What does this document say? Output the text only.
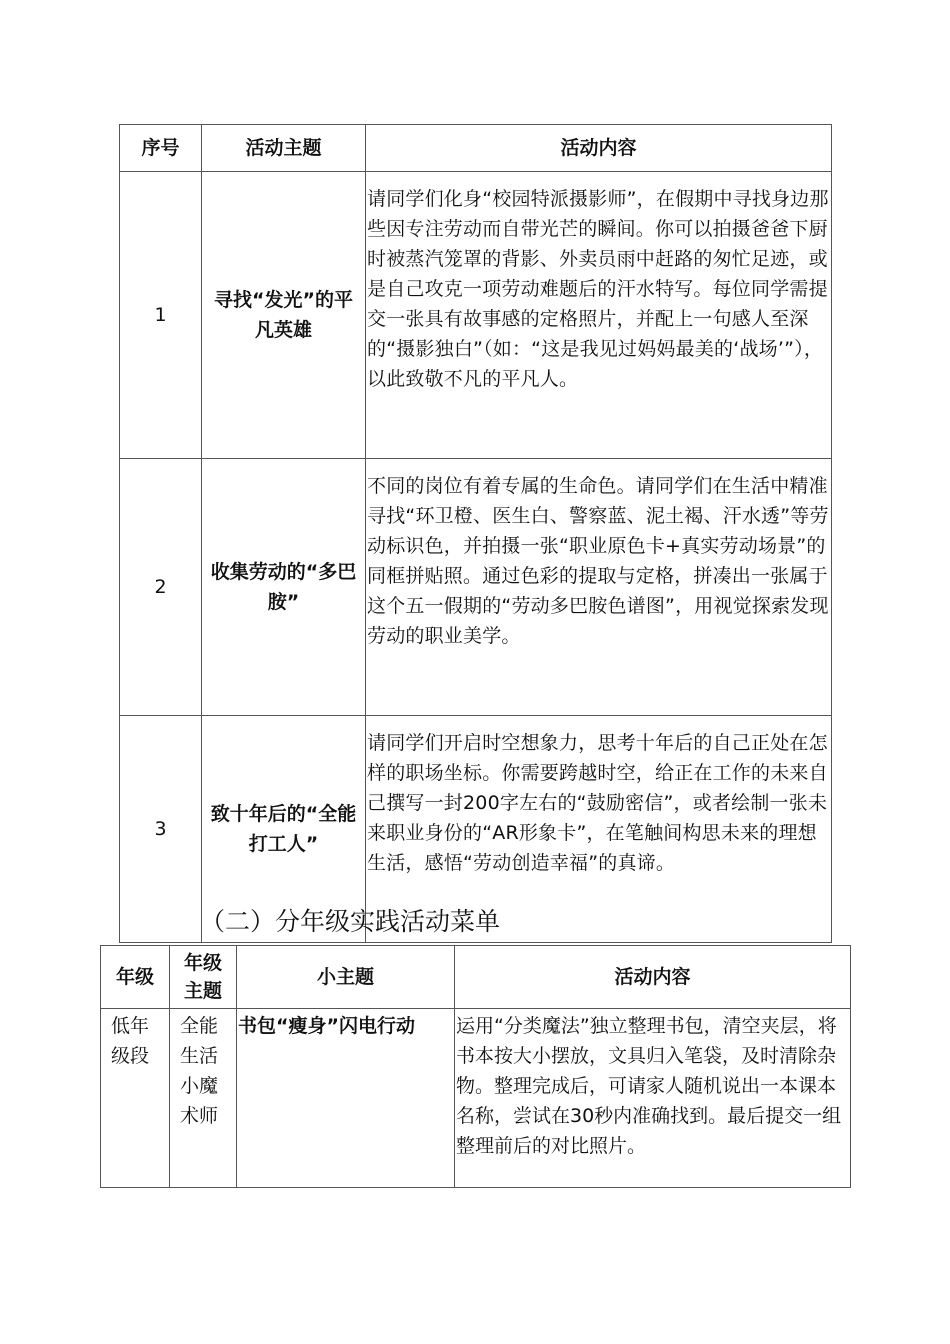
序号	活动主题	活动内容
1	寻找“发光”的平凡英雄	请同学们化身“校园特派摄影师”，在假期中寻找身边那些因专注劳动而自带光芒的瞬间。你可以拍摄爸爸下厨时被蒸汽笼罩的背影、外卖员雨中赶路的匆忙足迹，或是自己攻克一项劳动难题后的汗水特写。每位同学需提交一张具有故事感的定格照片，并配上一句感人至深的“摄影独白”（如：“这是我见过妈妈最美的‘战场’”），以此致敬不凡的平凡人。
2	收集劳动的“多巴胺”	不同的岗位有着专属的生命色。请同学们在生活中精准寻找“环卫橙、医生白、警察蓝、泥土褐、汗水透”等劳动标识色，并拍摄一张“职业原色卡+真实劳动场景”的同框拼贴照。通过色彩的提取与定格，拼凑出一张属于这个五一假期的“劳动多巴胺色谱图”，用视觉探索发现劳动的职业美学。
3	致十年后的“全能打工人”	请同学们开启时空想象力，思考十年后的自己正处在怎样的职场坐标。你需要跨越时空，给正在工作的未来自己撰写一封200字左右的“鼓励密信”，或者绘制一张未来职业身份的“AR形象卡”，在笔触间构思未来的理想生活，感悟“劳动创造幸福”的真谛。
（二）分年级实践活动菜单
年级	年级主题	小主题	活动内容
低年级段	全能生活小魔术师	书包“瘦身”闪电行动	运用“分类魔法”独立整理书包，清空夹层，将书本按大小摆放，文具归入笔袋，及时清除杂物。整理完成后，可请家人随机说出一本课本名称，尝试在30秒内准确找到。最后提交一组整理前后的对比照片。
